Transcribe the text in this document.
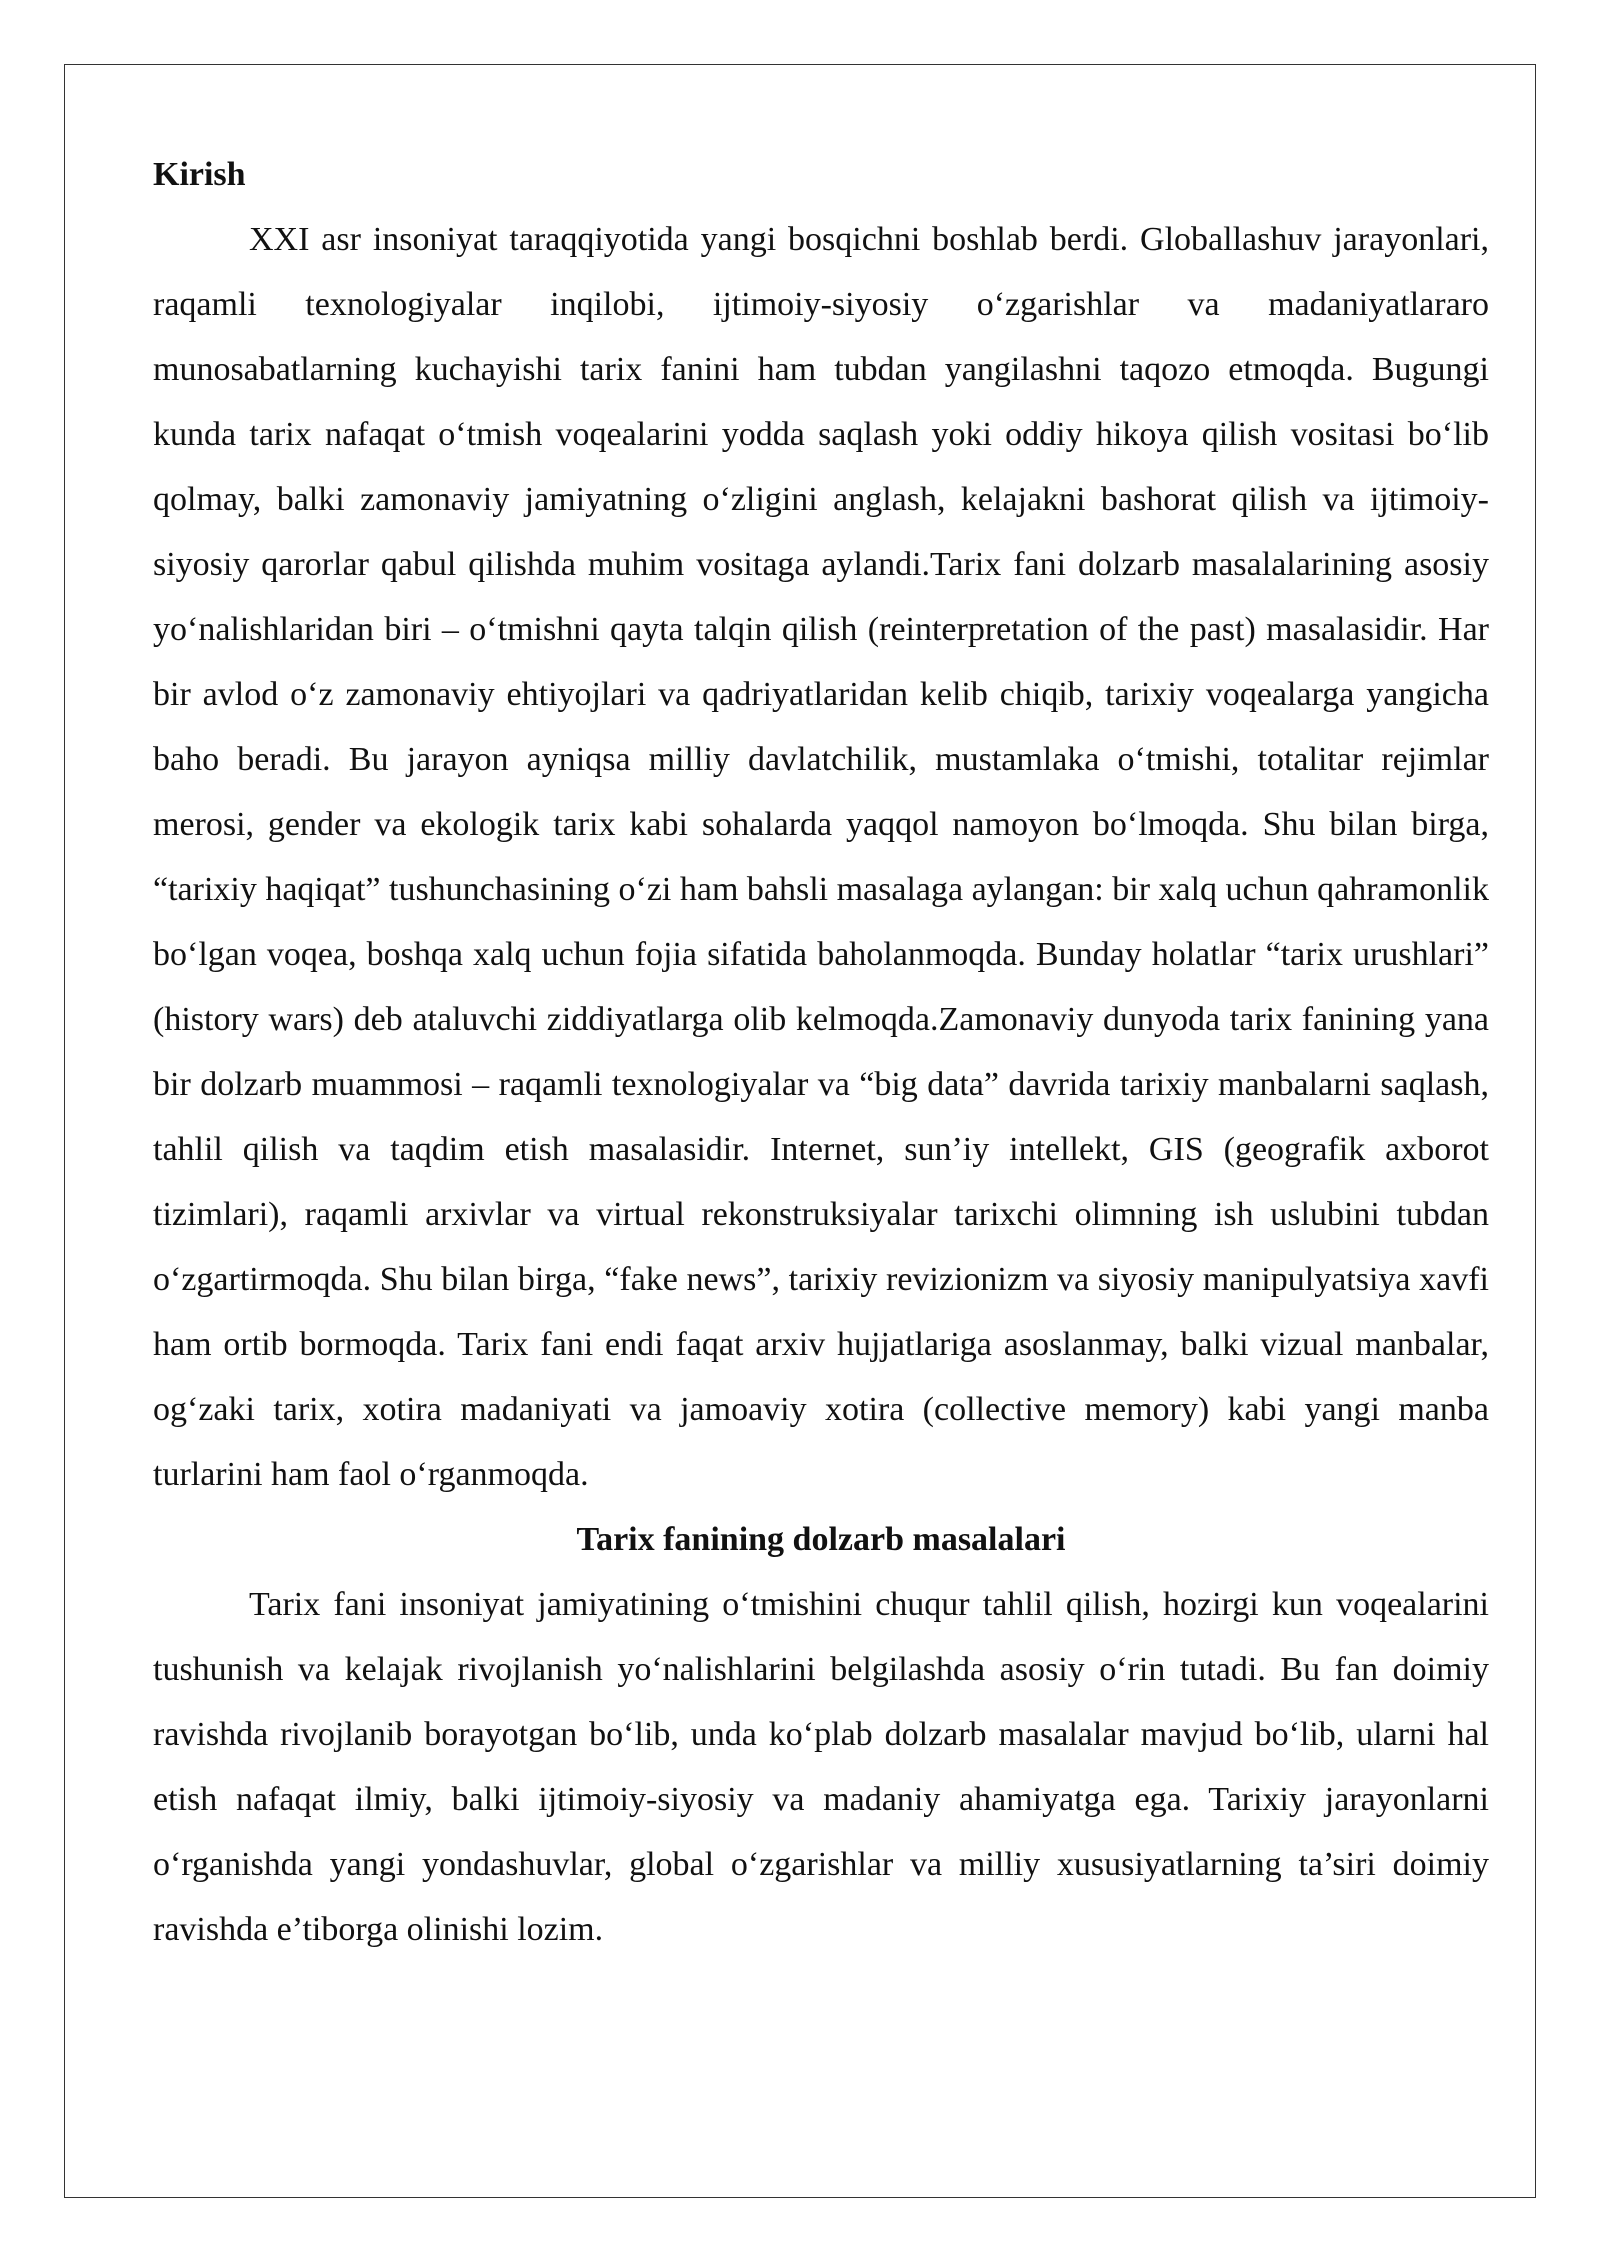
Kirish

XXI asr insoniyat taraqqiyotida yangi bosqichni boshlab berdi. Globallashuv jarayonlari, raqamli texnologiyalar inqilobi, ijtimoiy-siyosiy o‘zgarishlar va madaniyatlararo munosabatlarning kuchayishi tarix fanini ham tubdan yangilashni taqozo etmoqda. Bugungi kunda tarix nafaqat o‘tmish voqealarini yodda saqlash yoki oddiy hikoya qilish vositasi bo‘lib qolmay, balki zamonaviy jamiyatning o‘zligini anglash, kelajakni bashorat qilish va ijtimoiy-siyosiy qarorlar qabul qilishda muhim vositaga aylandi.Tarix fani dolzarb masalalarining asosiy yo‘nalishlaridan biri – o‘tmishni qayta talqin qilish (reinterpretation of the past) masalasidir. Har bir avlod o‘z zamonaviy ehtiyojlari va qadriyatlaridan kelib chiqib, tarixiy voqealarga yangicha baho beradi. Bu jarayon ayniqsa milliy davlatchilik, mustamlaka o‘tmishi, totalitar rejimlar merosi, gender va ekologik tarix kabi sohalarda yaqqol namoyon bo‘lmoqda. Shu bilan birga, “tarixiy haqiqat” tushunchasining o‘zi ham bahsli masalaga aylangan: bir xalq uchun qahramonlik bo‘lgan voqea, boshqa xalq uchun fojia sifatida baholanmoqda. Bunday holatlar “tarix urushlari” (history wars) deb ataluvchi ziddiyatlarga olib kelmoqda.Zamonaviy dunyoda tarix fanining yana bir dolzarb muammosi – raqamli texnologiyalar va “big data” davrida tarixiy manbalarni saqlash, tahlil qilish va taqdim etish masalasidir. Internet, sun’iy intellekt, GIS (geografik axborot tizimlari), raqamli arxivlar va virtual rekonstruksiyalar tarixchi olimning ish uslubini tubdan o‘zgartirmoqda. Shu bilan birga, “fake news”, tarixiy revizionizm va siyosiy manipulyatsiya xavfi ham ortib bormoqda. Tarix fani endi faqat arxiv hujjatlariga asoslanmay, balki vizual manbalar, og‘zaki tarix, xotira madaniyati va jamoaviy xotira (collective memory) kabi yangi manba turlarini ham faol o‘rganmoqda.

Tarix fanining dolzarb masalalari

Tarix fani insoniyat jamiyatining o‘tmishini chuqur tahlil qilish, hozirgi kun voqealarini tushunish va kelajak rivojlanish yo‘nalishlarini belgilashda asosiy o‘rin tutadi. Bu fan doimiy ravishda rivojlanib borayotgan bo‘lib, unda ko‘plab dolzarb masalalar mavjud bo‘lib, ularni hal etish nafaqat ilmiy, balki ijtimoiy-siyosiy va madaniy ahamiyatga ega. Tarixiy jarayonlarni o‘rganishda yangi yondashuvlar, global o‘zgarishlar va milliy xususiyatlarning ta’siri doimiy ravishda e’tiborga olinishi lozim.
